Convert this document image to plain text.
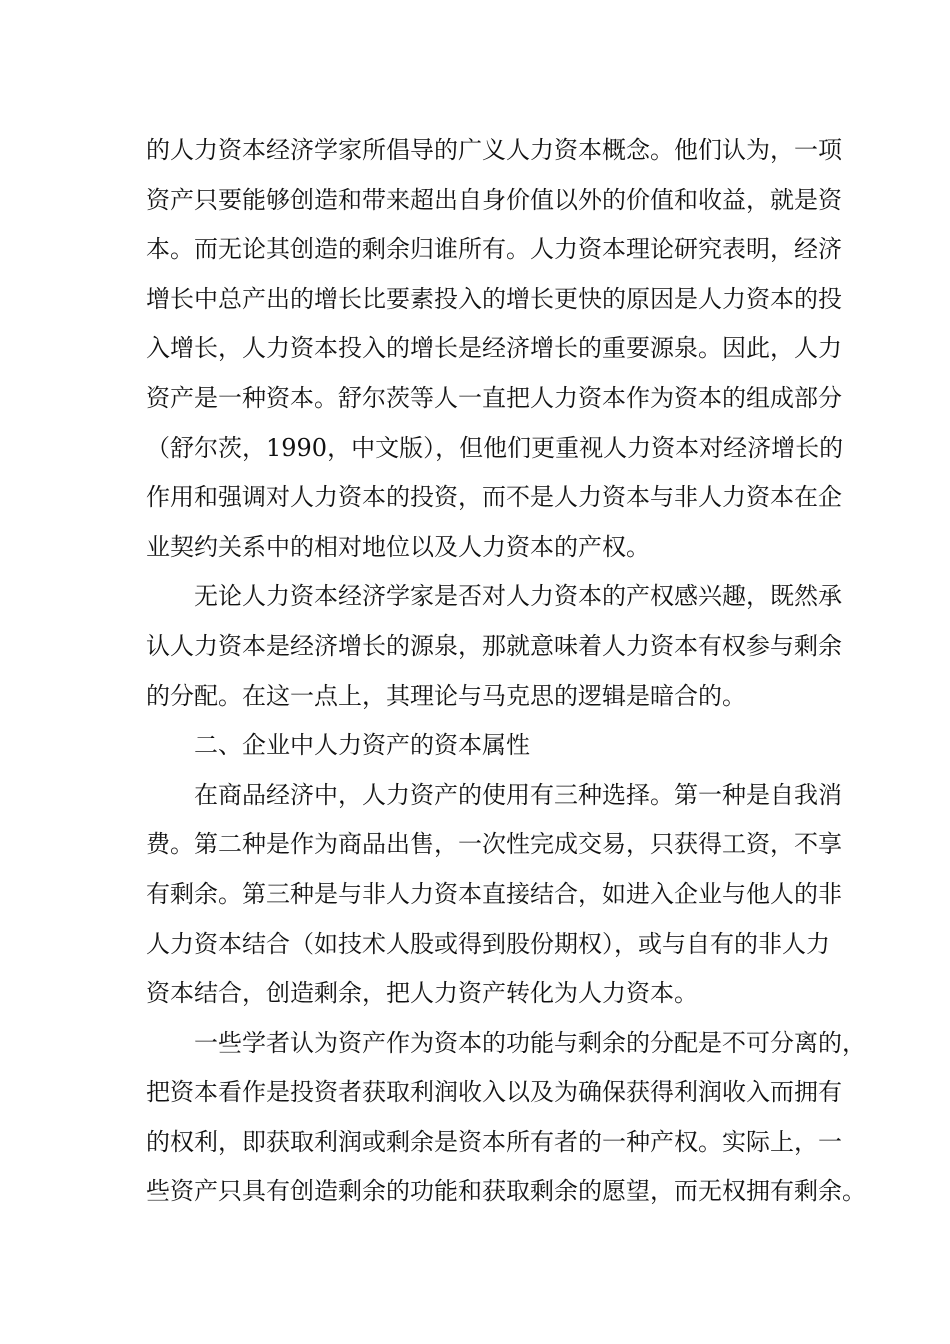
的人力资本经济学家所倡导的广义人力资本概念。他们认为，一项
资产只要能够创造和带来超出自身价值以外的价值和收益，就是资
本。而无论其创造的剩余归谁所有。人力资本理论研究表明，经济
增长中总产出的增长比要素投入的增长更快的原因是人力资本的投
入增长，人力资本投入的增长是经济增长的重要源泉。因此，人力
资产是一种资本。舒尔茨等人一直把人力资本作为资本的组成部分
（舒尔茨，1990，中文版），但他们更重视人力资本对经济增长的
作用和强调对人力资本的投资，而不是人力资本与非人力资本在企
业契约关系中的相对地位以及人力资本的产权。
无论人力资本经济学家是否对人力资本的产权感兴趣，既然承
认人力资本是经济增长的源泉，那就意味着人力资本有权参与剩余
的分配。在这一点上，其理论与马克思的逻辑是暗合的。
二、企业中人力资产的资本属性
在商品经济中，人力资产的使用有三种选择。第一种是自我消
费。第二种是作为商品出售，一次性完成交易，只获得工资，不享
有剩余。第三种是与非人力资本直接结合，如进入企业与他人的非
人力资本结合（如技术人股或得到股份期权），或与自有的非人力
资本结合，创造剩余，把人力资产转化为人力资本。
一些学者认为资产作为资本的功能与剩余的分配是不可分离的，
把资本看作是投资者获取利润收入以及为确保获得利润收入而拥有
的权利，即获取利润或剩余是资本所有者的一种产权。实际上，一
些资产只具有创造剩余的功能和获取剩余的愿望，而无权拥有剩余。
